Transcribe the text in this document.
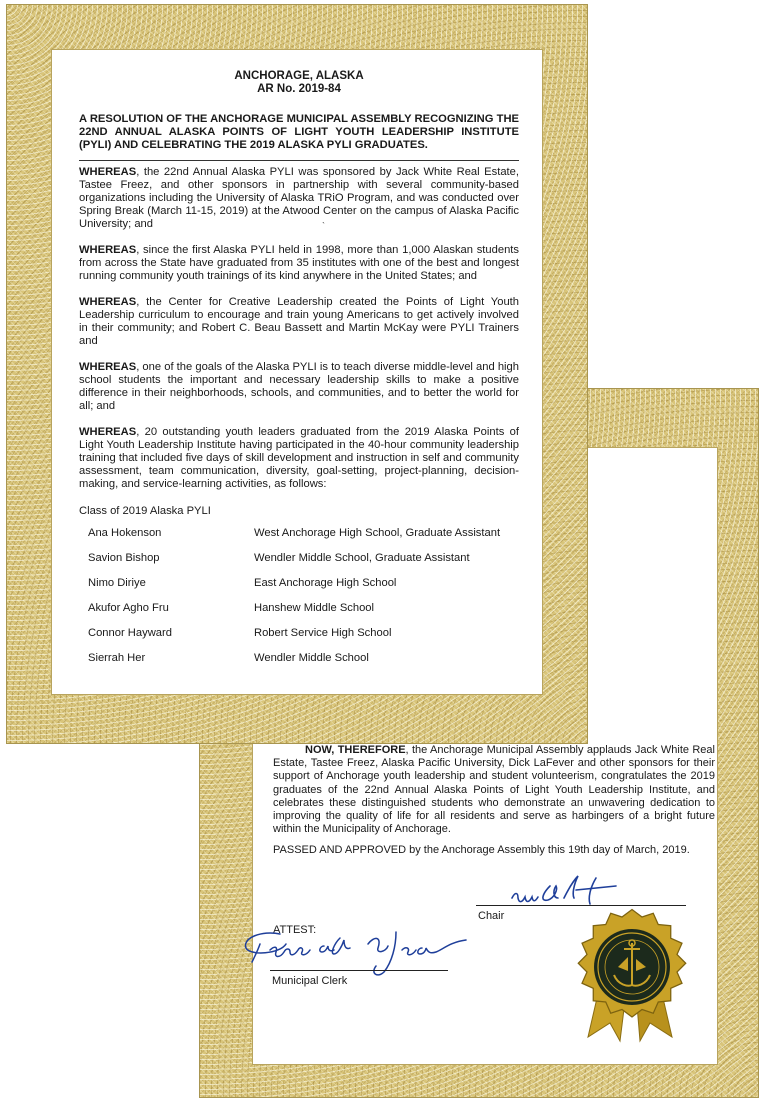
ANCHORAGE, ALASKA
AR No. 2019-84
A RESOLUTION OF THE ANCHORAGE MUNICIPAL ASSEMBLY RECOGNIZING THE 22ND ANNUAL ALASKA POINTS OF LIGHT YOUTH LEADERSHIP INSTITUTE (PYLI) AND CELEBRATING THE 2019 ALASKA PYLI GRADUATES.

WHEREAS, the 22nd Annual Alaska PYLI was sponsored by Jack White Real Estate, Tastee Freez, and other sponsors in partnership with several community-based organizations including the University of Alaska TRiO Program, and was conducted over Spring Break (March 11-15, 2019) at the Atwood Center on the campus of Alaska Pacific University; and

WHEREAS, since the first Alaska PYLI held in 1998, more than 1,000 Alaskan students from across the State have graduated from 35 institutes with one of the best and longest running community youth trainings of its kind anywhere in the United States; and

WHEREAS, the Center for Creative Leadership created the Points of Light Youth Leadership curriculum to encourage and train young Americans to get actively involved in their community; and Robert C. Beau Bassett and Martin McKay were PYLI Trainers and

WHEREAS, one of the goals of the Alaska PYLI is to teach diverse middle-level and high school students the important and necessary leadership skills to make a positive difference in their neighborhoods, schools, and communities, and to better the world for all; and

WHEREAS, 20 outstanding youth leaders graduated from the 2019 Alaska Points of Light Youth Leadership Institute having participated in the 40-hour community leadership training that included five days of skill development and instruction in self and community assessment, team communication, diversity, goal-setting, project-planning, decision-making, and service-learning activities, as follows:

Class of 2019 Alaska PYLI
`
Ana Hokenson	West Anchorage High School, Graduate Assistant
Savion Bishop	Wendler Middle School, Graduate Assistant
Nimo Diriye	East Anchorage High School
Akufor Agho Fru	Hanshew Middle School
Connor Hayward	Robert Service High School
Sierrah Her	Wendler Middle School

NOW, THEREFORE, the Anchorage Municipal Assembly applauds Jack White Real Estate, Tastee Freez, Alaska Pacific University, Dick LaFever and other sponsors for their support of Anchorage youth leadership and student volunteerism, congratulates the 2019 graduates of the 22nd Annual Alaska Points of Light Youth Leadership Institute, and celebrates these distinguished students who demonstrate an unwavering dedication to improving the quality of life for all residents and serve as harbingers of a bright future within the Municipality of Anchorage.

PASSED AND APPROVED by the Anchorage Assembly this 19th day of March, 2019.

Chair
ATTEST:
Municipal Clerk
